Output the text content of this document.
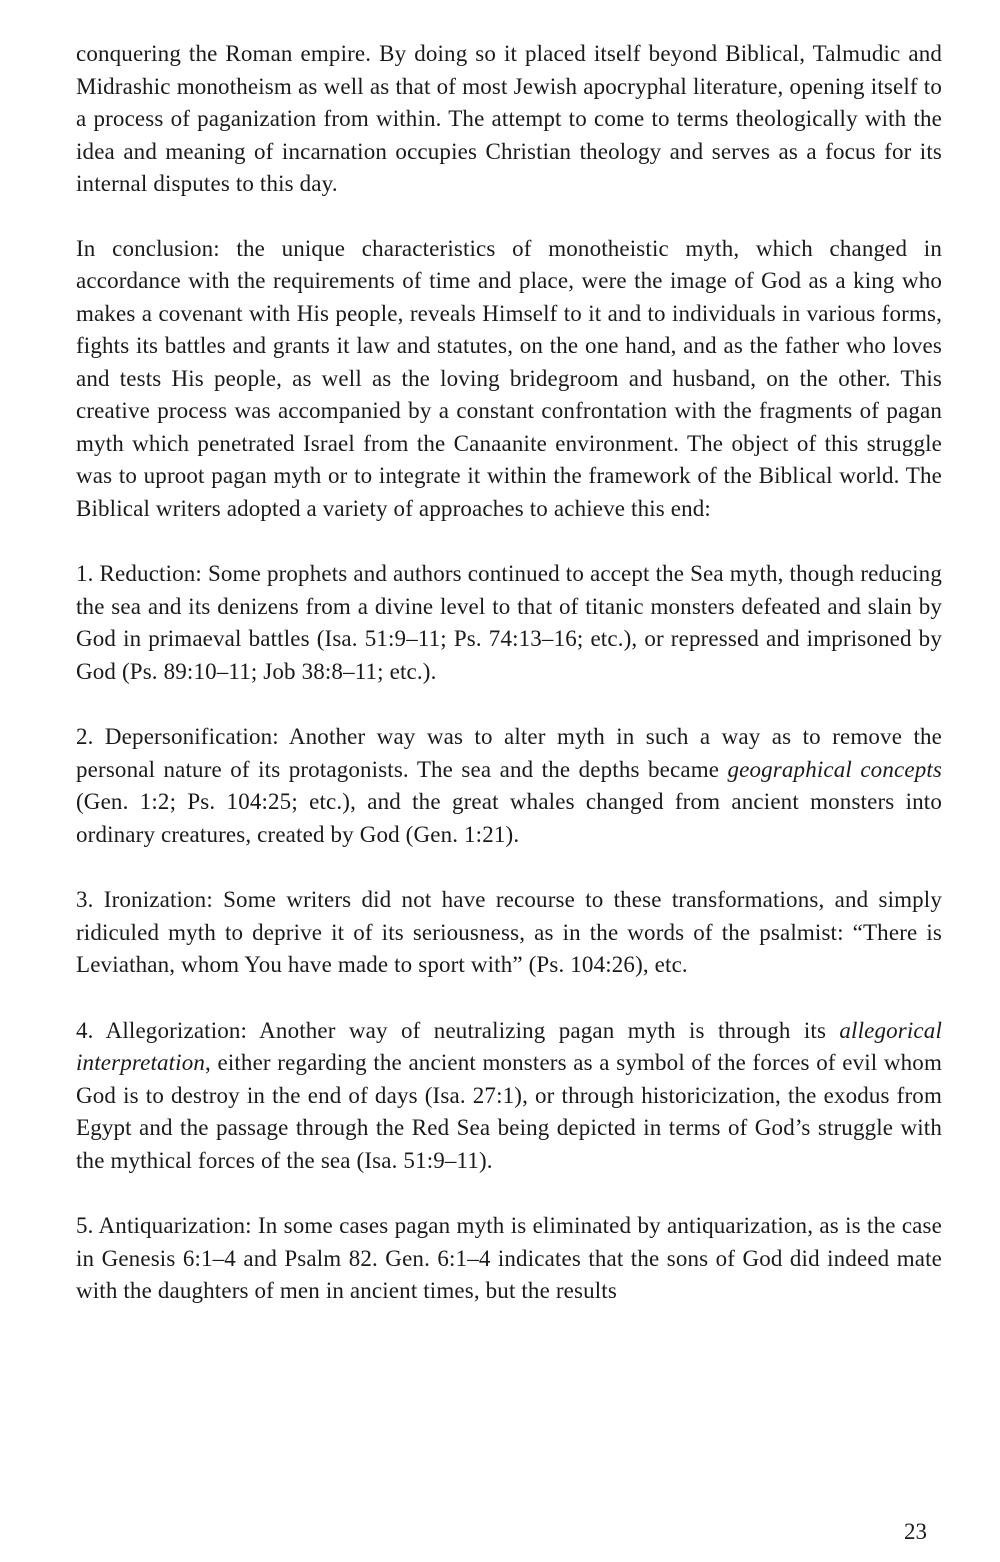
conquering the Roman empire. By doing so it placed itself beyond Biblical, Talmudic and Midrashic monotheism as well as that of most Jewish apocryphal literature, opening itself to a process of paganization from within. The attempt to come to terms theologically with the idea and meaning of incarnation occupies Christian theology and serves as a focus for its internal disputes to this day.

In conclusion: the unique characteristics of monotheistic myth, which changed in accordance with the requirements of time and place, were the image of God as a king who makes a covenant with His people, reveals Himself to it and to individuals in various forms, fights its battles and grants it law and statutes, on the one hand, and as the father who loves and tests His people, as well as the loving bridegroom and husband, on the other. This creative process was accompanied by a constant confrontation with the fragments of pagan myth which penetrated Israel from the Canaanite environment. The object of this struggle was to uproot pagan myth or to integrate it within the framework of the Biblical world. The Biblical writers adopted a variety of approaches to achieve this end:

1. Reduction: Some prophets and authors continued to accept the Sea myth, though reducing the sea and its denizens from a divine level to that of titanic monsters defeated and slain by God in primaeval battles (Isa. 51:9–11; Ps. 74:13–16; etc.), or repressed and imprisoned by God (Ps. 89:10–11; Job 38:8–11; etc.).

2. Depersonification: Another way was to alter myth in such a way as to remove the personal nature of its protagonists. The sea and the depths became geographical concepts (Gen. 1:2; Ps. 104:25; etc.), and the great whales changed from ancient monsters into ordinary creatures, created by God (Gen. 1:21).

3. Ironization: Some writers did not have recourse to these transformations, and simply ridiculed myth to deprive it of its seriousness, as in the words of the psalmist: “There is Leviathan, whom You have made to sport with” (Ps. 104:26), etc.

4. Allegorization: Another way of neutralizing pagan myth is through its allegorical interpretation, either regarding the ancient monsters as a symbol of the forces of evil whom God is to destroy in the end of days (Isa. 27:1), or through historicization, the exodus from Egypt and the passage through the Red Sea being depicted in terms of God’s struggle with the mythical forces of the sea (Isa. 51:9–11).

5. Antiquarization: In some cases pagan myth is eliminated by antiquarization, as is the case in Genesis 6:1–4 and Psalm 82. Gen. 6:1–4 indicates that the sons of God did indeed mate with the daughters of men in ancient times, but the results

23
